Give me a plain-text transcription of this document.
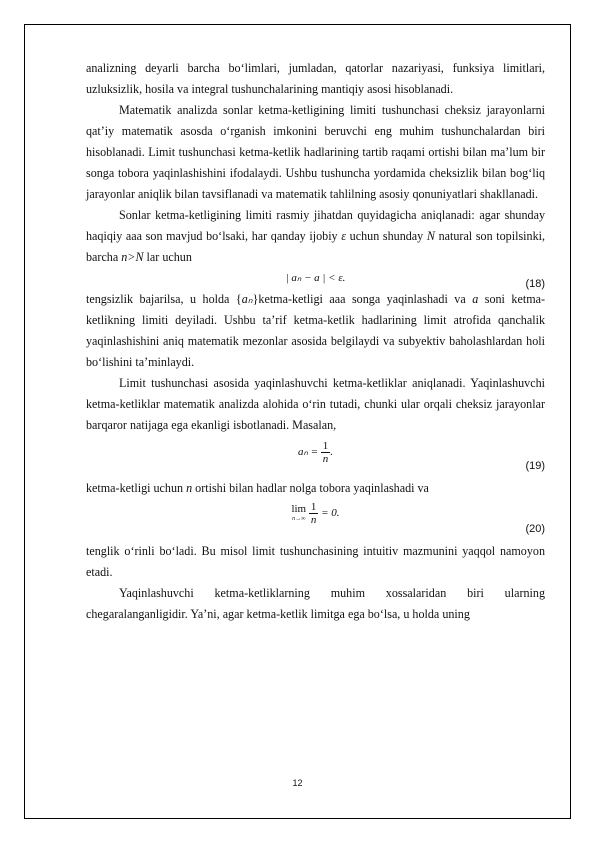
analizning deyarli barcha bo‘limlari, jumladan, qatorlar nazariyasi, funksiya limitlari, uzluksizlik, hosila va integral tushunchalarining mantiqiy asosi hisoblanadi.

Matematik analizda sonlar ketma-ketligining limiti tushunchasi cheksiz jarayonlarni qat’iy matematik asosda o‘rganish imkonini beruvchi eng muhim tushunchalardan biri hisoblanadi. Limit tushunchasi ketma-ketlik hadlarining tartib raqami ortishi bilan ma’lum bir songa tobora yaqinlashishini ifodalaydi. Ushbu tushuncha yordamida cheksizlik bilan bog‘liq jarayonlar aniqlik bilan tavsiflanadi va matematik tahlilning asosiy qonuniyatlari shakllanadi.

Sonlar ketma-ketligining limiti rasmiy jihatdan quyidagicha aniqlanadi: agar shunday haqiqiy aaa son mavjud bo‘lsaki, har qanday ijobiy ε uchun shunday N natural son topilsinki, barcha n>N lar uchun

| aₙ − a | < ε.	(18)

tengsizlik bajarilsa, u holda {aₙ}ketma-ketligi aaa songa yaqinlashadi va a soni ketma-ketlikning limiti deyiladi. Ushbu ta’rif ketma-ketlik hadlarining limit atrofida qanchalik yaqinlashishini aniq matematik mezonlar asosida belgilaydi va subyektiv baholashlardan holi bo‘lishini ta’minlaydi.

Limit tushunchasi asosida yaqinlashuvchi ketma-ketliklar aniqlanadi. Yaqinlashuvchi ketma-ketliklar matematik analizda alohida o‘rin tutadi, chunki ular orqali cheksiz jarayonlar barqaror natijaga ega ekanligi isbotlanadi. Masalan,

$a_n = \frac{1}{n}$ .
(19)

ketma-ketligi uchun n ortishi bilan hadlar nolga tobora yaqinlashadi va

lim
n→∞
$\frac{1}{n} = 0$.
(20)

tenglik o‘rinli bo‘ladi. Bu misol limit tushunchasining intuitiv mazmunini yaqqol namoyon etadi.

Yaqinlashuvchi ketma-ketliklarning muhim xossalaridan biri ularning chegaralanganligidir. Ya’ni, agar ketma-ketlik limitga ega bo‘lsa, u holda uning

12
